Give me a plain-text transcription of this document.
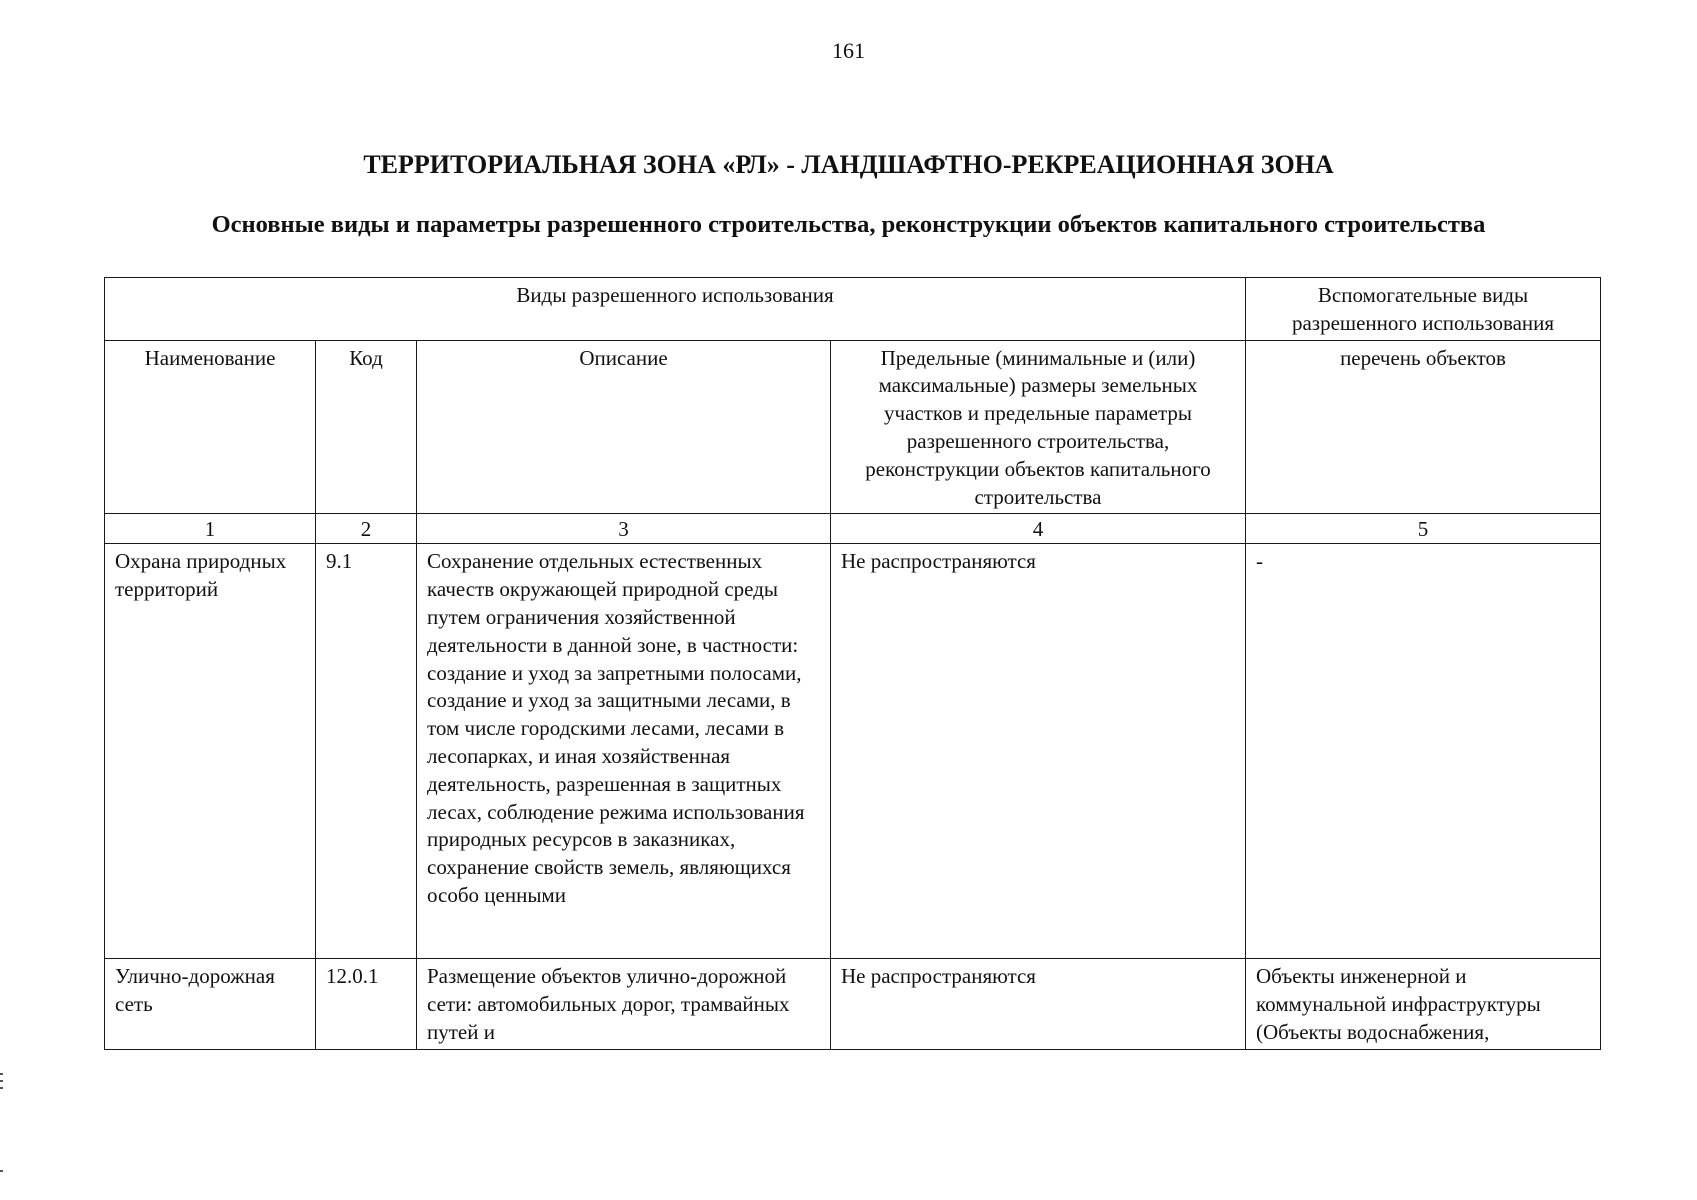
161
ТЕРРИТОРИАЛЬНАЯ ЗОНА «РЛ» - ЛАНДШАФТНО-РЕКРЕАЦИОННАЯ ЗОНА
Основные виды и параметры разрешенного строительства, реконструкции объектов капитального строительства
Виды разрешенного использования				Вспомогательные виды разрешенного использования
Наименование	Код	Описание	Предельные (минимальные и (или) максимальные) размеры земельных участков и предельные параметры разрешенного строительства, реконструкции объектов капитального строительства	перечень объектов
1	2	3	4	5
Охрана природных территорий	9.1	Сохранение отдельных естественных качеств окружающей природной среды путем ограничения хозяйственной деятельности в данной зоне, в частности: создание и уход за запретными полосами, создание и уход за защитными лесами, в том числе городскими лесами, лесами в лесопарках, и иная хозяйственная деятельность, разрешенная в защитных лесах, соблюдение режима использования природных ресурсов в заказниках, сохранение свойств земель, являющихся особо ценными	Не распространяются	-
Улично-дорожная сеть	12.0.1	Размещение объектов улично-дорожной сети: автомобильных дорог, трамвайных путей и	Не распространяются	Объекты инженерной и коммунальной инфраструктуры (Объекты водоснабжения,
